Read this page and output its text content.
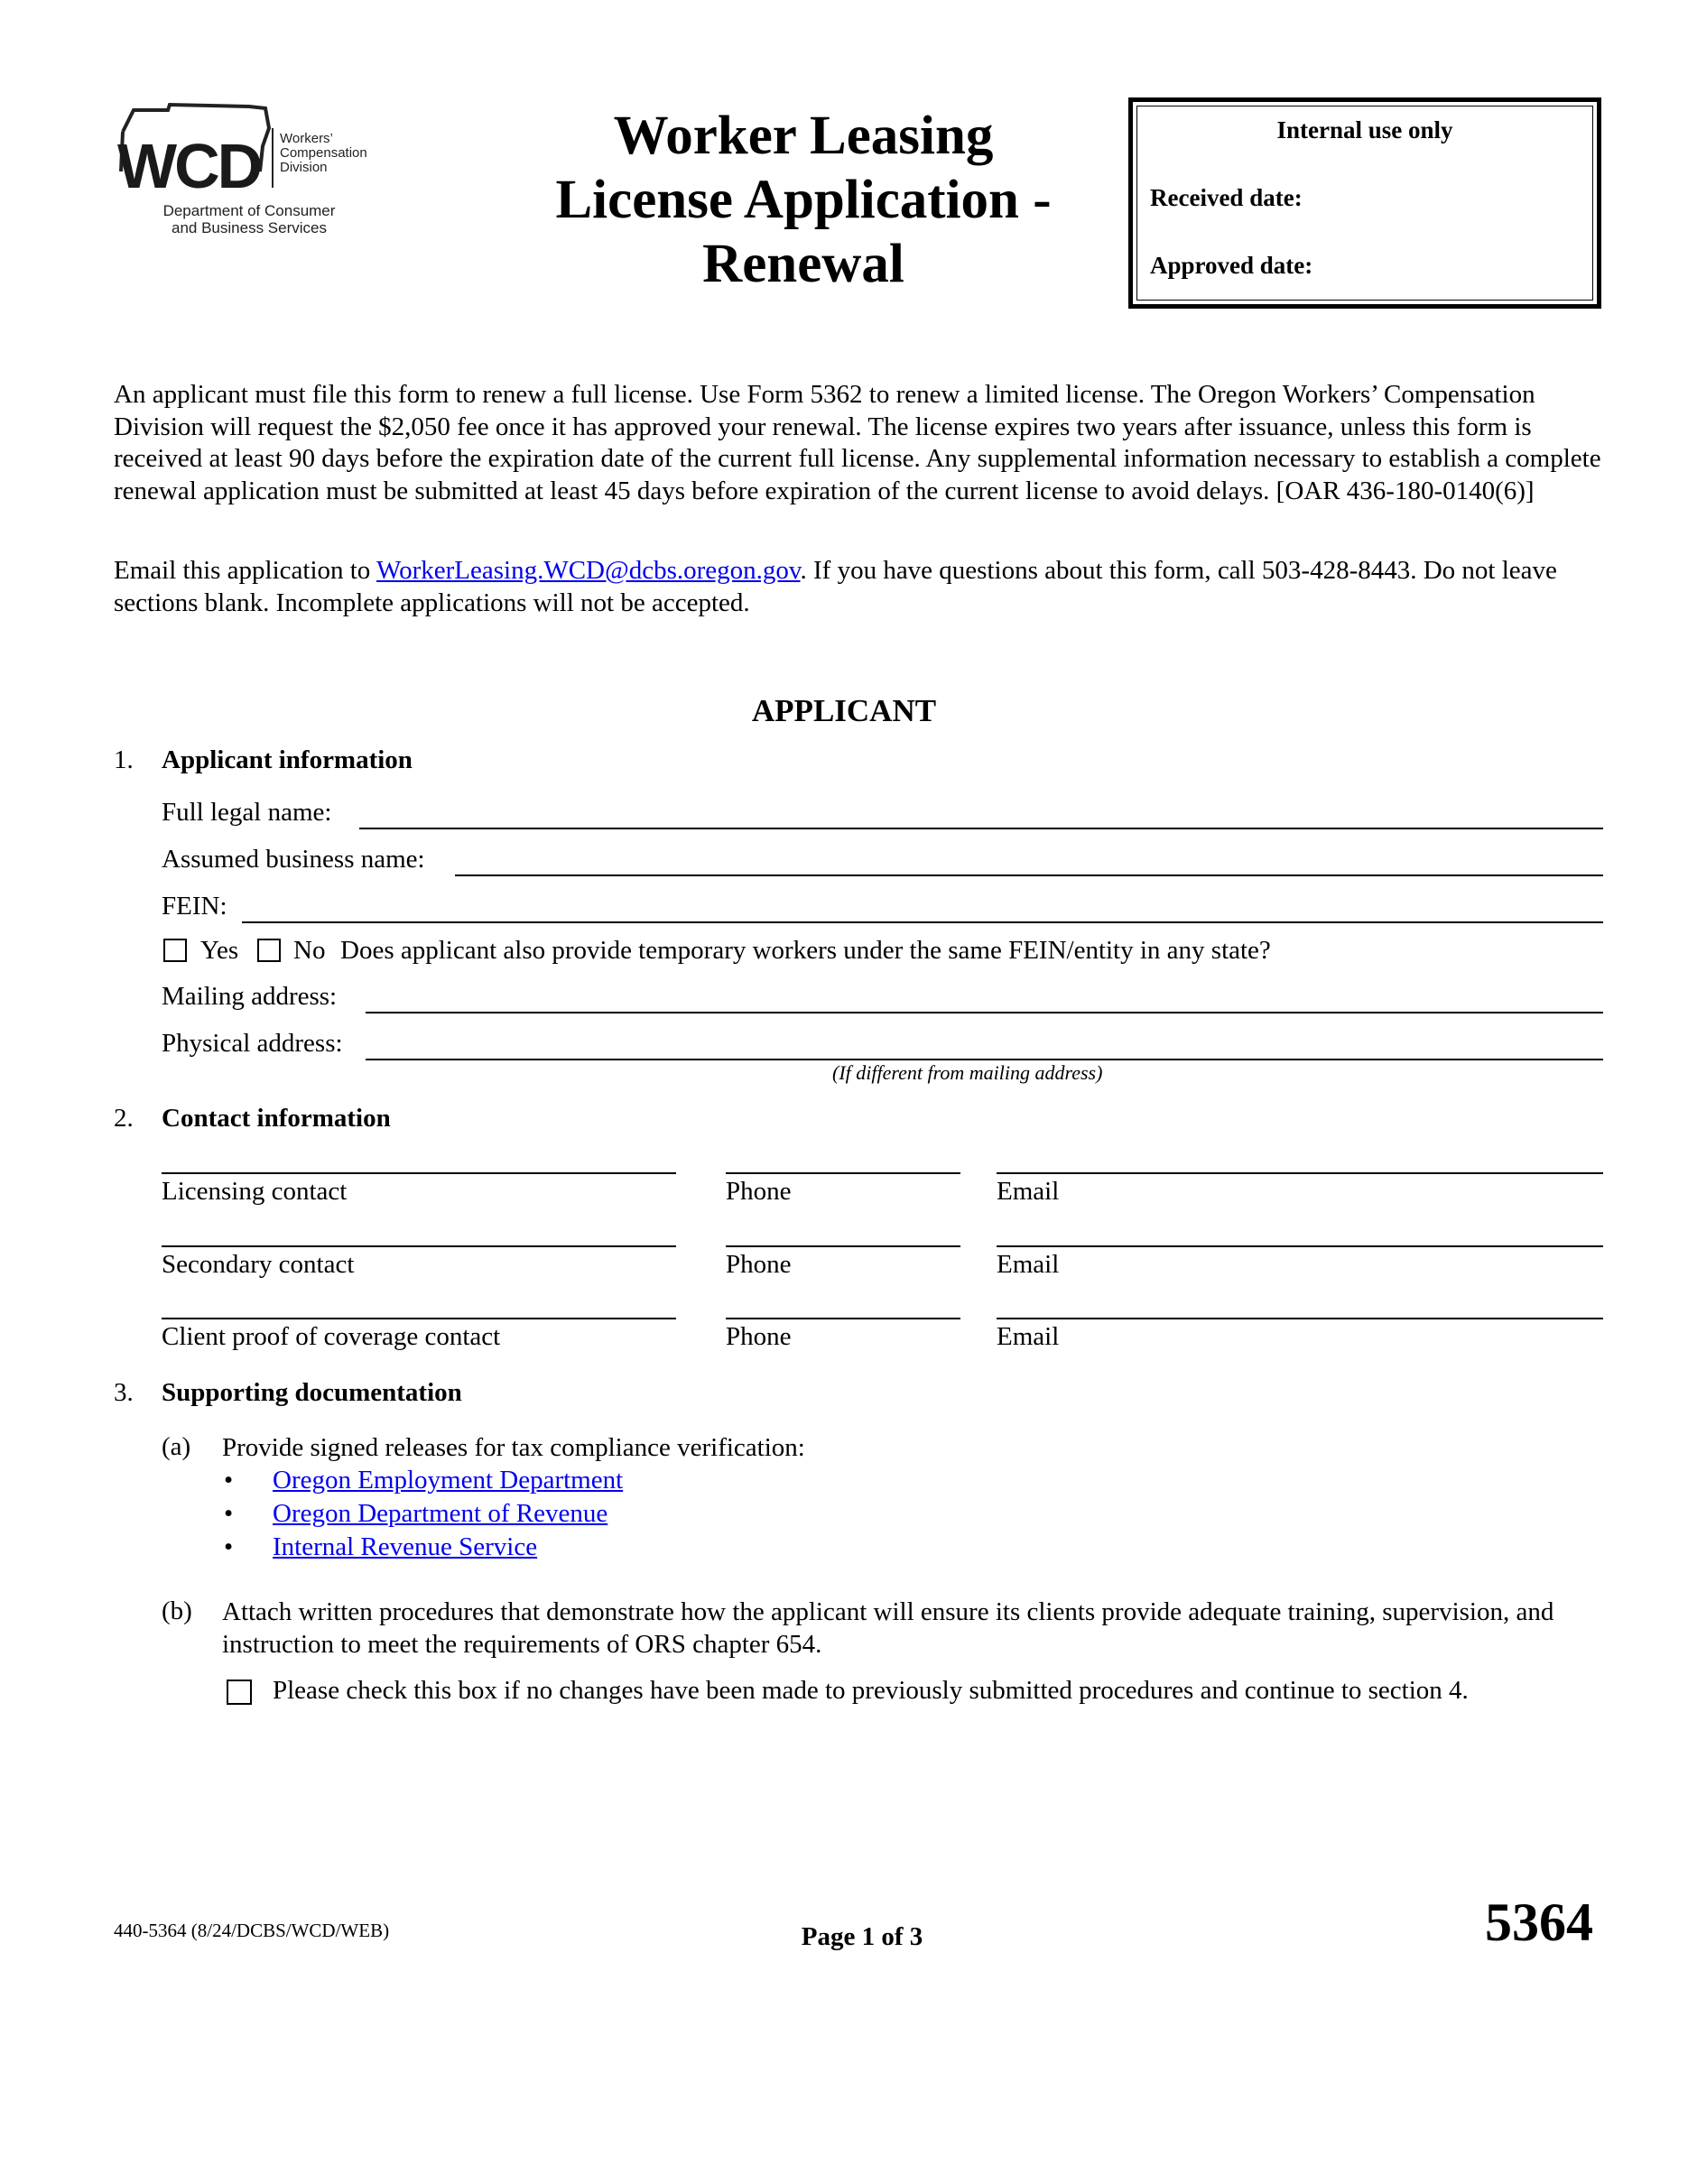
WCD Workers’
Compensation
Division
Department of Consumer
and Business Services
Worker Leasing
License Application -
Renewal
Internal use only
Received date:
Approved date:
An applicant must file this form to renew a full license. Use Form 5362 to renew a limited license. The Oregon Workers’ Compensation Division will request the $2,050 fee once it has approved your renewal. The license expires two years after issuance, unless this form is received at least 90 days before the expiration date of the current full license. Any supplemental information necessary to establish a complete renewal application must be submitted at least 45 days before expiration of the current license to avoid delays. [OAR 436-180-0140(6)]
Email this application to WorkerLeasing.WCD@dcbs.oregon.gov. If you have questions about this form, call 503-428-8443. Do not leave sections blank. Incomplete applications will not be accepted.
APPLICANT
1. Applicant information
Full legal name:
Assumed business name:
FEIN:
Yes No Does applicant also provide temporary workers under the same FEIN/entity in any state?
Mailing address:
Physical address:
(If different from mailing address)
2. Contact information
Licensing contact	Phone	Email
Secondary contact	Phone	Email
Client proof of coverage contact	Phone	Email
3. Supporting documentation
(a) Provide signed releases for tax compliance verification:
• Oregon Employment Department
• Oregon Department of Revenue
• Internal Revenue Service
(b) Attach written procedures that demonstrate how the applicant will ensure its clients provide adequate training, supervision, and instruction to meet the requirements of ORS chapter 654.
Please check this box if no changes have been made to previously submitted procedures and continue to section 4.
440-5364 (8/24/DCBS/WCD/WEB)	Page 1 of 3	5364
